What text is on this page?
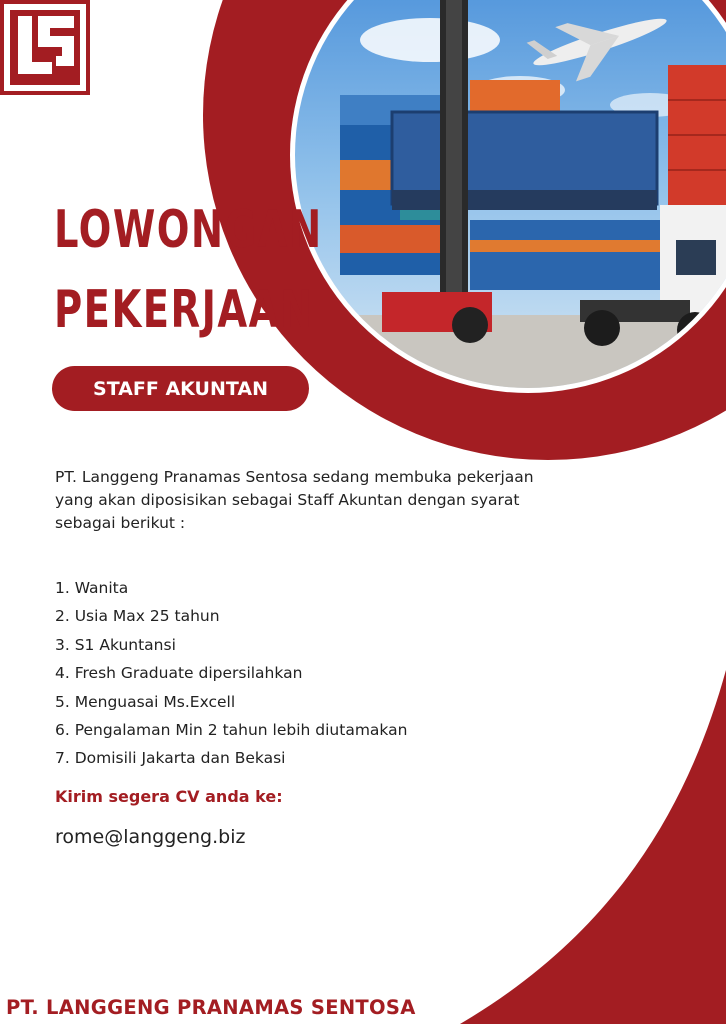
LOWONGAN
PEKERJAAN
STAFF AKUNTAN

PT. Langgeng Pranamas Sentosa sedang membuka pekerjaan yang akan diposisikan sebagai Staff Akuntan dengan syarat sebagai berikut :

1. Wanita
2. Usia Max 25 tahun
3. S1 Akuntansi
4. Fresh Graduate dipersilahkan
5. Menguasai Ms.Excell
6. Pengalaman Min 2 tahun lebih diutamakan
7. Domisili Jakarta dan Bekasi
Kirim segera CV anda ke:
rome@langgeng.biz
PT. LANGGENG PRANAMAS SENTOSA
